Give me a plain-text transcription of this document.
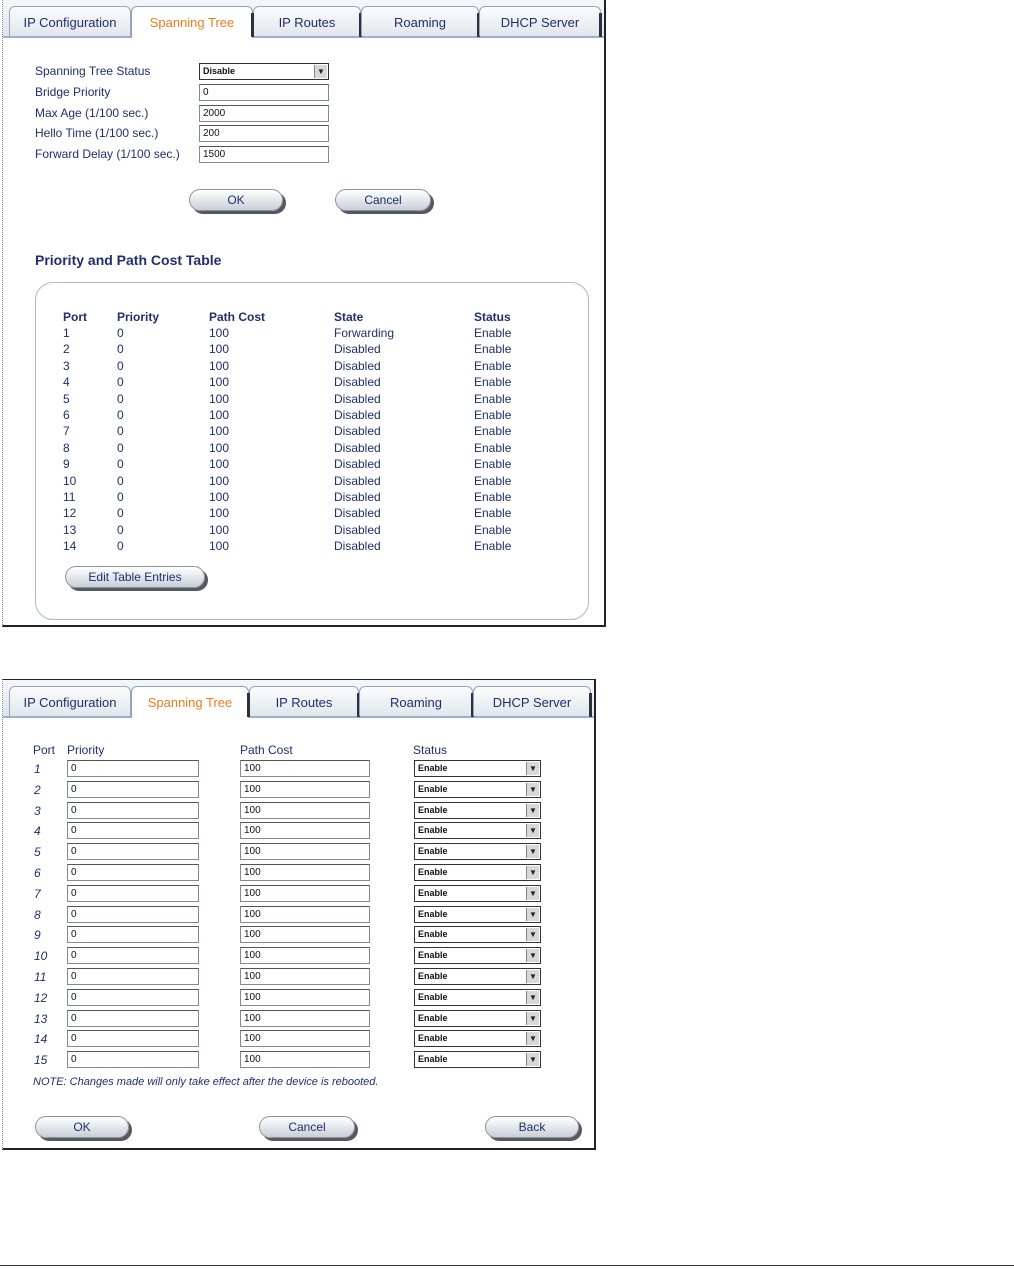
IP Configuration	Spanning Tree	IP Routes	Roaming	DHCP Server
Spanning Tree Status	Disable	▼
Bridge Priority	0
Max Age (1/100 sec.)	2000
Hello Time (1/100 sec.)	200
Forward Delay (1/100 sec.)	1500
OK	Cancel
Priority and Path Cost Table
Port	Priority	Path Cost	State	Status
1	0	100	Forwarding	Enable
2	0	100	Disabled	Enable
3	0	100	Disabled	Enable
4	0	100	Disabled	Enable
5	0	100	Disabled	Enable
6	0	100	Disabled	Enable
7	0	100	Disabled	Enable
8	0	100	Disabled	Enable
9	0	100	Disabled	Enable
10	0	100	Disabled	Enable
11	0	100	Disabled	Enable
12	0	100	Disabled	Enable
13	0	100	Disabled	Enable
14	0	100	Disabled	Enable
Edit Table Entries
IP Configuration	Spanning Tree	IP Routes	Roaming	DHCP Server
Port Priority	Path Cost	Status
1	0	100	Enable	▼
2	0	100	Enable	▼
3	0	100	Enable	▼
4	0	100	Enable	▼
5	0	100	Enable	▼
6	0	100	Enable	▼
7	0	100	Enable	▼
8	0	100	Enable	▼
9	0	100	Enable	▼
10	0	100	Enable	▼
11	0	100	Enable	▼
12	0	100	Enable	▼
13	0	100	Enable	▼
14	0	100	Enable	▼
15	0	100	Enable	▼
NOTE: Changes made will only take effect after the device is rebooted.
OK	Cancel	Back
